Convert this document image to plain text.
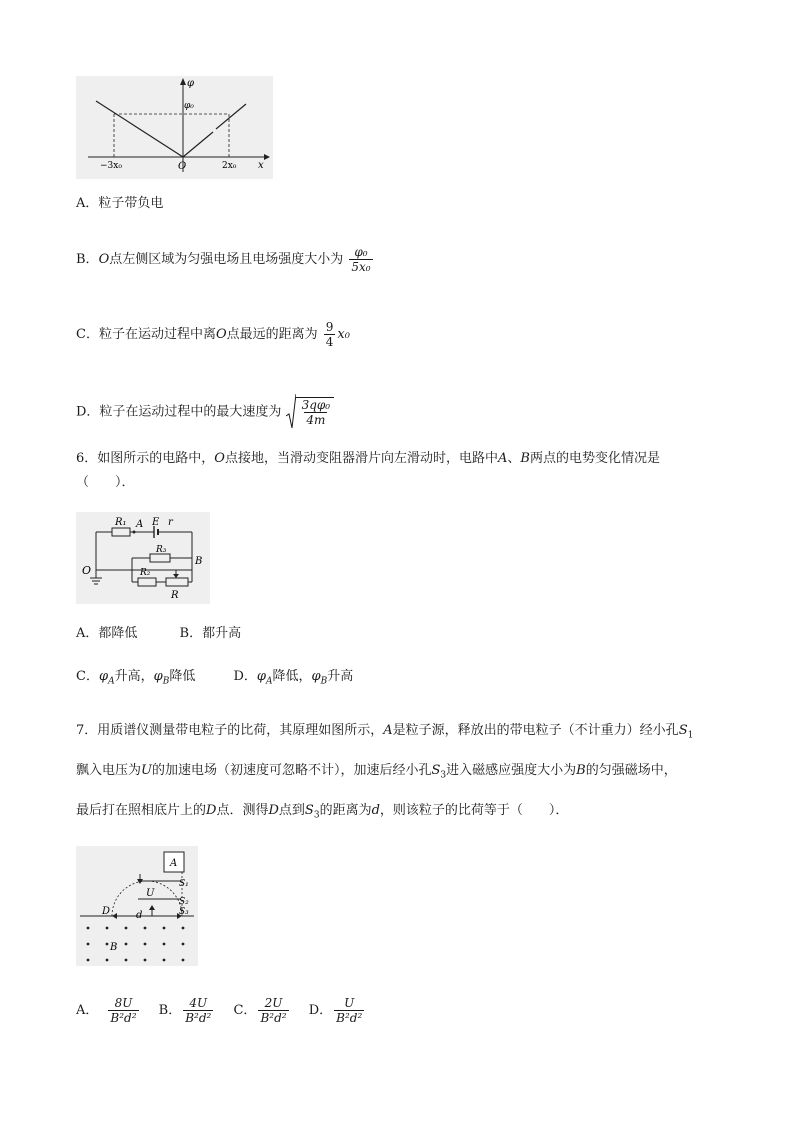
φ
φ₀
−3x₀	O	2x₀ x
A．粒子带负电
B．O点左侧区域为匀强电场且电场强度大小为 $\frac{\text{φ₀}}{\text{5x₀}}$
C．粒子在运动过程中离O点最远的距离为 $\frac{9}{4} x_0$
D．粒子在运动过程中的最大速度为 $\frac{\text{3qφ₀}}{4m}$
6．如图所示的电路中，O点接地，当滑动变阻器滑片向左滑动时，电路中A、B两点的电势变化情况是
（　　）．
R₁ A E r
R₃
B
O	R₂
R
A．都降低	B．都升高
C．$\varphi_A$升高，$\varphi_B$降低	D．$\varphi_A$降低，$\varphi_B$升高
7．用质谱仪测量带电粒子的比荷，其原理如图所示，A是粒子源，释放出的带电粒子（不计重力）经小孔$S_1$
飘入电压为U的加速电场（初速度可忽略不计），加速后经小孔$S_3$进入磁感应强度大小为B的匀强磁场中，
最后打在照相底片上的D点．测得D点到$S_3$的距离为d，则该粒子的比荷等于（　　）．
A
U
d
D
S₁
S₂
S₃
B
A． $\frac{8U}{\text{B²d²}}$ B． $\frac{4U}{\text{B²d²}}$ C． $\frac{2U}{\text{B²d²}}$ D． $\frac{U}{\text{B²d²}}$
